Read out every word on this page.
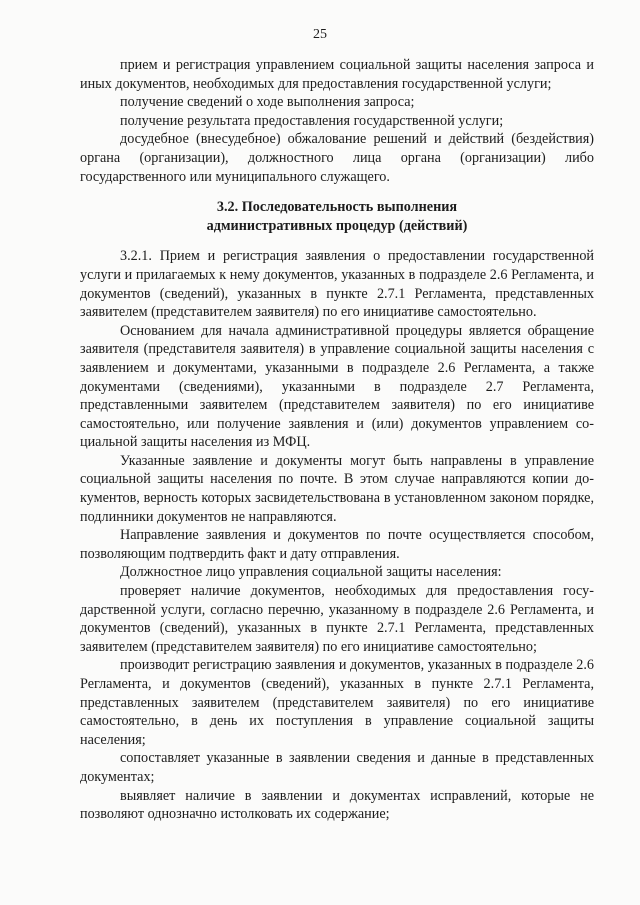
25

прием и регистрация управлением социальной защиты населения запроса и иных документов, необходимых для предоставления государственной услуги;

получение сведений о ходе выполнения запроса;

получение результата предоставления государственной услуги;

досудебное (внесудебное) обжалование решений и действий (бездействия) органа (организации), должностного лица органа (организации) либо государственного или муниципального служащего.

3.2. Последовательность выполнения
административных процедур (действий)

3.2.1. Прием и регистрация заявления о предоставлении государственной услуги и прилагаемых к нему документов, указанных в подразделе 2.6 Регламента, и документов (сведений), указанных в пункте 2.7.1 Регламента, представленных заявителем (представителем заявителя) по его инициативе самостоятельно.

Основанием для начала административной процедуры является обращение заявителя (представителя заявителя) в управление социальной защиты населения с заявлением и документами, указанными в подразделе 2.6 Регламента, а также документами (сведениями), указанными в подразделе 2.7 Регламента, представленными заявителем (представителем заявителя) по его инициативе самостоятельно, или получение заявления и (или) документов управлением социальной защиты населения из МФЦ.

Указанные заявление и документы могут быть направлены в управление социальной защиты населения по почте. В этом случае направляются копии документов, верность которых засвидетельствована в установленном законом порядке, подлинники документов не направляются.

Направление заявления и документов по почте осуществляется способом, позволяющим подтвердить факт и дату отправления.

Должностное лицо управления социальной защиты населения:

проверяет наличие документов, необходимых для предоставления государственной услуги, согласно перечню, указанному в подразделе 2.6 Регламента, и документов (сведений), указанных в пункте 2.7.1 Регламента, представленных заявителем (представителем заявителя) по его инициативе самостоятельно;

производит регистрацию заявления и документов, указанных в подразделе 2.6 Регламента, и документов (сведений), указанных в пункте 2.7.1 Регламента, представленных заявителем (представителем заявителя) по его инициативе самостоятельно, в день их поступления в управление социальной защиты населения;

сопоставляет указанные в заявлении сведения и данные в представленных документах;

выявляет наличие в заявлении и документах исправлений, которые не позволяют однозначно истолковать их содержание;
